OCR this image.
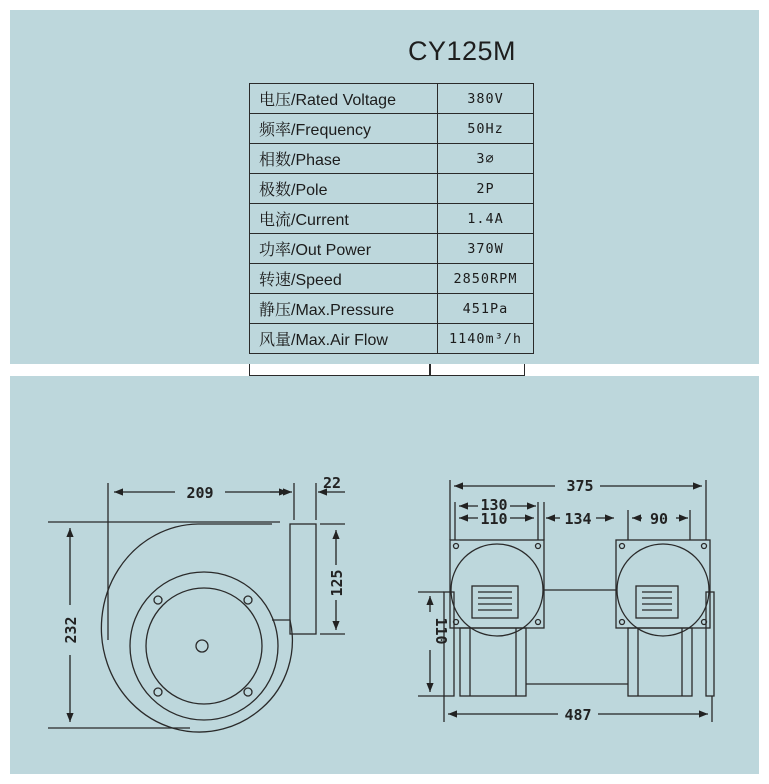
CY125M
电压/Rated Voltage	380V
频率/Frequency	50Hz
相数/Phase	3∅
极数/Pole	2P
电流/Current	1.4A
功率/Out Power	370W
转速/Speed	2850RPM
静压/Max.Pressure	451Pa
风量/Max.Air Flow	1140m³/h
209
22
232
125
375
130
110	134	90
110
487
